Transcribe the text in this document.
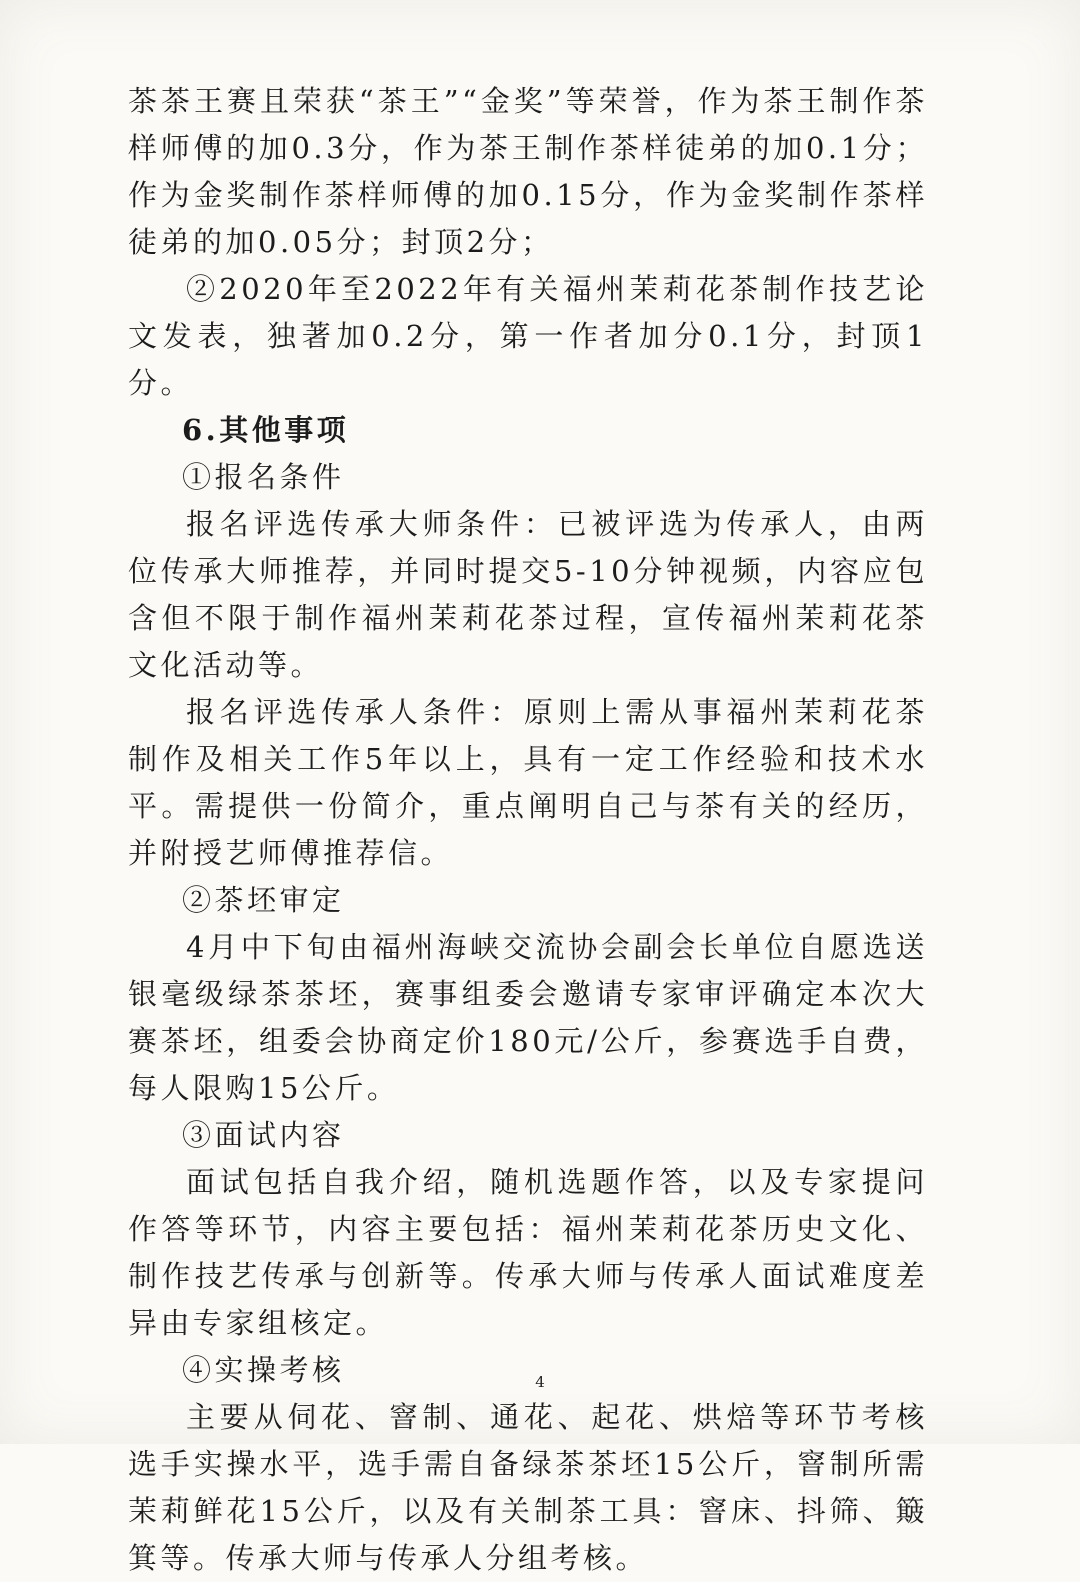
茶茶王赛且荣获“茶王”“金奖”等荣誉，作为茶王制作茶样师傅的加0.3分，作为茶王制作茶样徒弟的加0.1分；作为金奖制作茶样师傅的加0.15分，作为金奖制作茶样徒弟的加0.05分；封顶2分；

②2020年至2022年有关福州茉莉花茶制作技艺论文发表，独著加0.2分，第一作者加分0.1分，封顶1分。

6.其他事项

①报名条件

报名评选传承大师条件：已被评选为传承人，由两位传承大师推荐，并同时提交5-10分钟视频，内容应包含但不限于制作福州茉莉花茶过程，宣传福州茉莉花茶文化活动等。

报名评选传承人条件：原则上需从事福州茉莉花茶制作及相关工作5年以上，具有一定工作经验和技术水平。需提供一份简介，重点阐明自己与茶有关的经历，并附授艺师傅推荐信。

②茶坯审定

4月中下旬由福州海峡交流协会副会长单位自愿选送银毫级绿茶茶坯，赛事组委会邀请专家审评确定本次大赛茶坯，组委会协商定价180元/公斤，参赛选手自费，每人限购15公斤。

③面试内容

面试包括自我介绍，随机选题作答，以及专家提问作答等环节，内容主要包括：福州茉莉花茶历史文化、制作技艺传承与创新等。传承大师与传承人面试难度差异由专家组核定。

④实操考核

主要从伺花、窨制、通花、起花、烘焙等环节考核选手实操水平，选手需自备绿茶茶坯15公斤，窨制所需茉莉鲜花15公斤，以及有关制茶工具：窨床、抖筛、簸箕等。传承大师与传承人分组考核。

4
